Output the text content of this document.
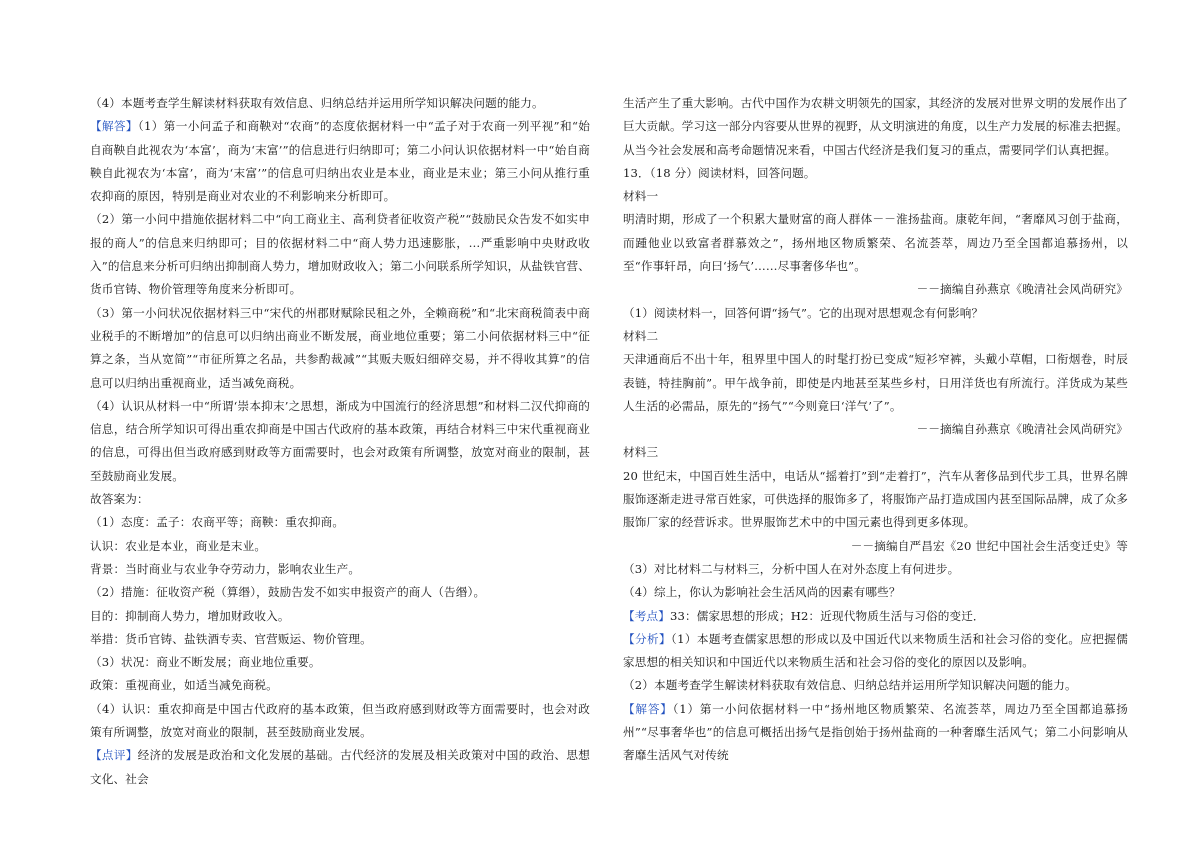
（4）本题考查学生解读材料获取有效信息、归纳总结并运用所学知识解决问题的能力。

【解答】（1）第一小问孟子和商鞅对“农商”的态度依据材料一中“孟子对于农商一列平视”和“始自商鞅自此视农为‘本富’，商为‘末富’”的信息进行归纳即可；第二小问认识依据材料一中“始自商鞅自此视农为‘本富’，商为‘末富’”的信息可归纳出农业是本业，商业是末业；第三小问从推行重农抑商的原因，特别是商业对农业的不利影响来分析即可。

（2）第一小问中措施依据材料二中“向工商业主、高利贷者征收资产税”“鼓励民众告发不如实申报的商人”的信息来归纳即可；目的依据材料二中“商人势力迅速膨胀，…严重影响中央财政收入”的信息来分析可归纳出抑制商人势力，增加财政收入；第二小问联系所学知识，从盐铁官营、货币官铸、物价管理等角度来分析即可。

（3）第一小问状况依据材料三中“宋代的州郡财赋除民租之外，全赖商税”和“北宋商税简表中商业税手的不断增加”的信息可以归纳出商业不断发展，商业地位重要；第二小问依据材料三中“征算之条，当从宽简”“市征所算之名品，共参酌裁减”“其贩夫贩妇细碎交易，并不得收其算”的信息可以归纳出重视商业，适当减免商税。

（4）认识从材料一中“所谓‘崇本抑末’之思想，渐成为中国流行的经济思想”和材料二汉代抑商的信息，结合所学知识可得出重农抑商是中国古代政府的基本政策，再结合材料三中宋代重视商业的信息，可得出但当政府感到财政等方面需要时，也会对政策有所调整，放宽对商业的限制，甚至鼓励商业发展。

故答案为：

（1）态度：孟子：农商平等；商鞅：重农抑商。

认识：农业是本业，商业是末业。

背景：当时商业与农业争夺劳动力，影响农业生产。

（2）措施：征收资产税（算缗），鼓励告发不如实申报资产的商人（告缗）。

目的：抑制商人势力，增加财政收入。

举措：货币官铸、盐铁酒专卖、官营贩运、物价管理。

（3）状况：商业不断发展；商业地位重要。

政策：重视商业，如适当减免商税。

（4）认识：重农抑商是中国古代政府的基本政策，但当政府感到财政等方面需要时，也会对政策有所调整，放宽对商业的限制，甚至鼓励商业发展。

【点评】经济的发展是政治和文化发展的基础。古代经济的发展及相关政策对中国的政治、思想文化、社会

生活产生了重大影响。古代中国作为农耕文明领先的国家，其经济的发展对世界文明的发展作出了巨大贡献。学习这一部分内容要从世界的视野，从文明演进的角度，以生产力发展的标准去把握。从当今社会发展和高考命题情况来看，中国古代经济是我们复习的重点，需要同学们认真把握。

13．（18 分）阅读材料，回答问题。

材料一

明清时期，形成了一个积累大量财富的商人群体－－淮扬盐商。康乾年间，“奢靡风习创于盐商，而踵他业以致富者群慕效之”，扬州地区物质繁荣、名流荟萃，周边乃至全国都追慕扬州，以至“作事轩昂，向曰‘扬气’……尽事奢侈华也”。

－－摘编自孙燕京《晚清社会风尚研究》

（1）阅读材料一，回答何谓“扬气”。它的出现对思想观念有何影响？

材料二

天津通商后不出十年，租界里中国人的时髦打扮已变成“短衫窄裤，头戴小草帽，口衔烟卷，时辰表链，特挂胸前”。甲午战争前，即使是内地甚至某些乡村，日用洋货也有所流行。洋货成为某些人生活的必需品，原先的“扬气”“今则竟曰‘洋气’了”。

－－摘编自孙燕京《晚清社会风尚研究》

材料三

20 世纪末，中国百姓生活中，电话从“摇着打”到“走着打”，汽车从奢侈品到代步工具，世界名牌服饰逐渐走进寻常百姓家，可供选择的服饰多了，将服饰产品打造成国内甚至国际品牌，成了众多服饰厂家的经营诉求。世界服饰艺术中的中国元素也得到更多体现。

－－摘编自严昌宏《20 世纪中国社会生活变迁史》等

（3）对比材料二与材料三，分析中国人在对外态度上有何进步。

（4）综上，你认为影响社会生活风尚的因素有哪些？

【考点】33：儒家思想的形成；H2：近现代物质生活与习俗的变迁．

【分析】（1）本题考查儒家思想的形成以及中国近代以来物质生活和社会习俗的变化。应把握儒家思想的相关知识和中国近代以来物质生活和社会习俗的变化的原因以及影响。

（2）本题考查学生解读材料获取有效信息、归纳总结并运用所学知识解决问题的能力。

【解答】（1）第一小问依据材料一中“扬州地区物质繁荣、名流荟萃，周边乃至全国都追慕扬州”“尽事奢华也”的信息可概括出扬气是指创始于扬州盐商的一种奢靡生活风气；第二小问影响从奢靡生活风气对传统
